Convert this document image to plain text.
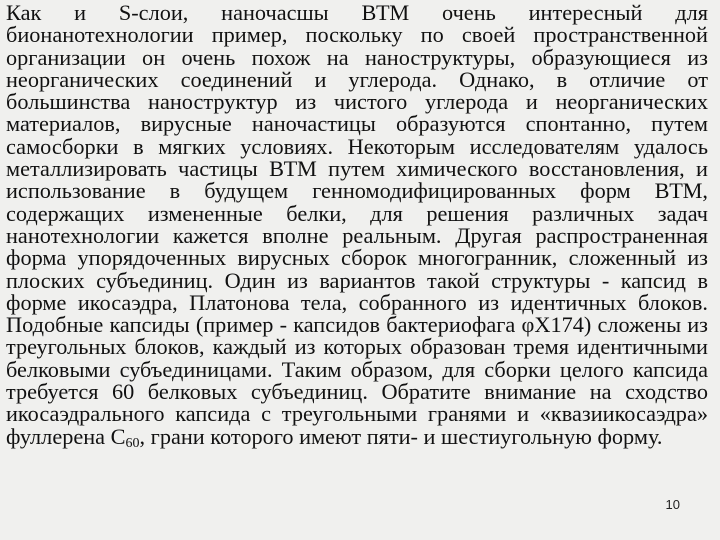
Как и S-слои, наночасшы ВТМ очень интересный для бионанотехнологии пример, поскольку по своей пространственной организации он очень похож на наноструктуры, образующиеся из неорганических соединений и углерода. Однако, в отличие от большинства наноструктур из чистого углерода и неорганических материалов, вирусные наночастицы образуются спонтанно, путем самосборки в мягких условиях. Некоторым исследователям удалось металлизировать частицы ВТМ путем химического восстановления, и использование в будущем генномодифицированных форм ВТМ, содержащих измененные белки, для решения различных задач нанотехнологии кажется вполне реальным. Другая распространенная форма упорядоченных вирусных сборок многогранник, сложенный из плоских субъединиц. Один из вариантов такой структуры - капсид в форме икосаэдра, Платонова тела, собранного из идентичных блоков. Подобные капсиды (пример - капсидов бактериофага φX174) сложены из треугольных блоков, каждый из которых образован тремя идентичными белковыми субъединицами. Таким образом, для сборки целого капсида требуется 60 белковых субъединиц. Обратите внимание на сходство икосаэдрального капсида с треугольными гранями и «квазиикосаэдра» фуллерена $C_{60}$, грани которого имеют пяти- и шестиугольную форму.

10
